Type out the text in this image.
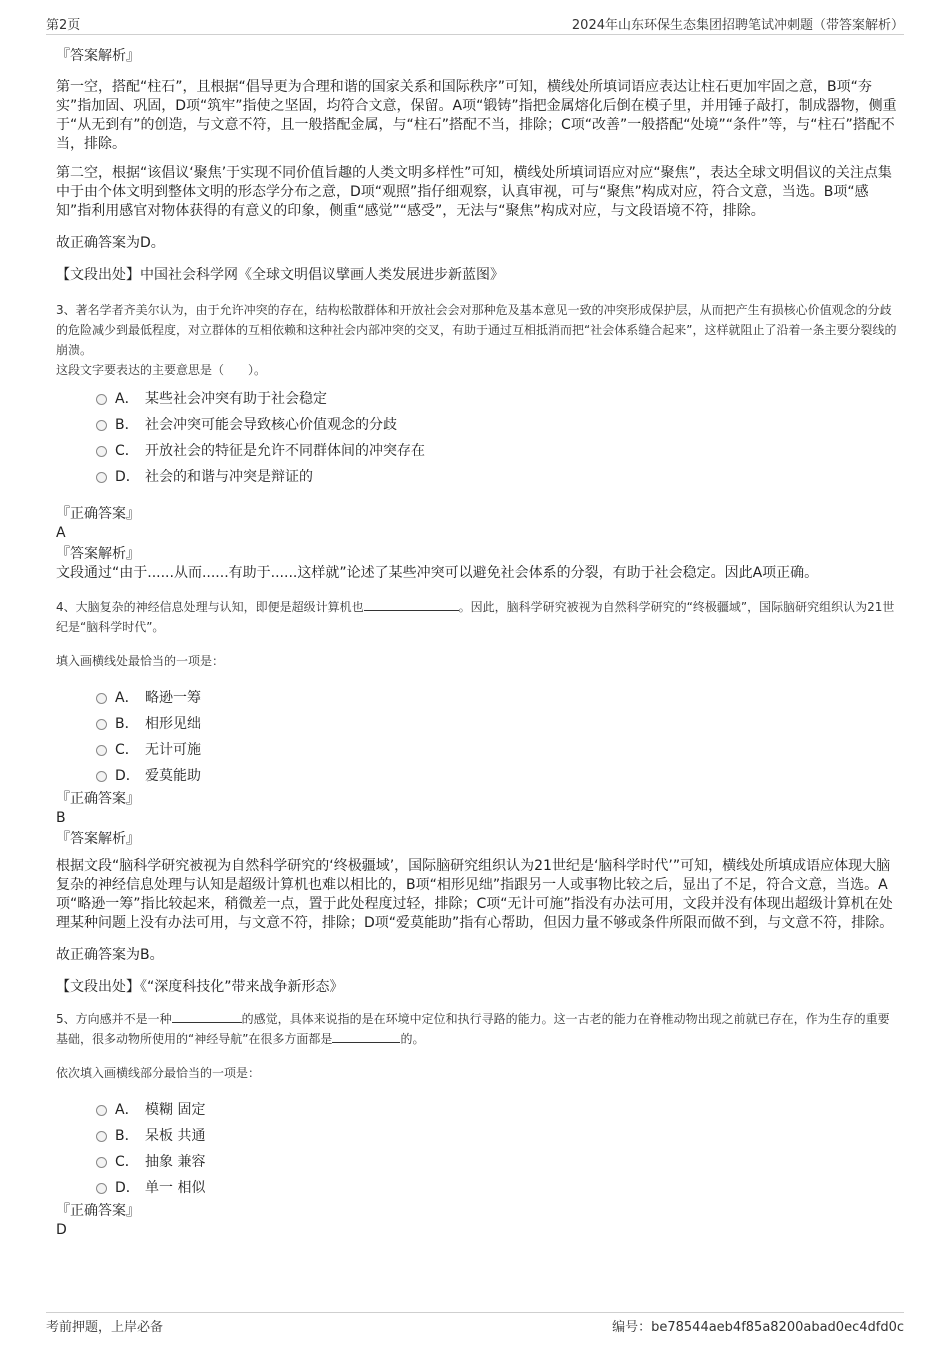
第2页	2024年山东环保生态集团招聘笔试冲刺题（带答案解析）

『答案解析』

第一空，搭配“柱石”，且根据“倡导更为合理和谐的国家关系和国际秩序”可知，横线处所填词语应表达让柱石更加牢固之意，B项“夯实”指加固、巩固，D项“筑牢”指使之坚固，均符合文意，保留。A项“锻铸”指把金属熔化后倒在模子里，并用锤子敲打，制成器物，侧重于“从无到有”的创造，与文意不符，且一般搭配金属，与“柱石”搭配不当，排除；C项“改善”一般搭配“处境”“条件”等，与“柱石”搭配不当，排除。

第二空，根据“该倡议‘聚焦’于实现不同价值旨趣的人类文明多样性”可知，横线处所填词语应对应“聚焦”，表达全球文明倡议的关注点集中于由个体文明到整体文明的形态学分布之意，D项“观照”指仔细观察，认真审视，可与“聚焦”构成对应，符合文意，当选。B项“感知”指利用感官对物体获得的有意义的印象，侧重“感觉”“感受”，无法与“聚焦”构成对应，与文段语境不符，排除。

故正确答案为D。

【文段出处】中国社会科学网《全球文明倡议擘画人类发展进步新蓝图》

3、著名学者齐美尔认为，由于允许冲突的存在，结构松散群体和开放社会会对那种危及基本意见一致的冲突形成保护层，从而把产生有损核心价值观念的分歧的危险减少到最低程度，对立群体的互相依赖和这种社会内部冲突的交叉，有助于通过互相抵消而把“社会体系缝合起来”，这样就阻止了沿着一条主要分裂线的崩溃。

这段文字要表达的主要意思是（　　）。

A． 某些社会冲突有助于社会稳定
B． 社会冲突可能会导致核心价值观念的分歧
C． 开放社会的特征是允许不同群体间的冲突存在
D． 社会的和谐与冲突是辩证的

『正确答案』

A

『答案解析』

文段通过“由于......从而......有助于......这样就”论述了某些冲突可以避免社会体系的分裂，有助于社会稳定。因此A项正确。

4、大脑复杂的神经信息处理与认知，即便是超级计算机也	。因此，脑科学研究被视为自然科学研究的“终极疆域”，国际脑研究组织认为21世纪是“脑科学时代”。

填入画横线处最恰当的一项是：

A． 略逊一筹
B． 相形见绌
C． 无计可施
D． 爱莫能助

『正确答案』

B

『答案解析』

根据文段“脑科学研究被视为自然科学研究的‘终极疆域’，国际脑研究组织认为21世纪是‘脑科学时代’”可知，横线处所填成语应体现大脑复杂的神经信息处理与认知是超级计算机也难以相比的，B项“相形见绌”指跟另一人或事物比较之后，显出了不足，符合文意，当选。A项“略逊一筹”指比较起来，稍微差一点，置于此处程度过轻，排除；C项“无计可施”指没有办法可用，文段并没有体现出超级计算机在处理某种问题上没有办法可用，与文意不符，排除；D项“爱莫能助”指有心帮助，但因力量不够或条件所限而做不到，与文意不符，排除。

故正确答案为B。

【文段出处】《“深度科技化”带来战争新形态》

5、方向感并不是一种	的感觉，具体来说指的是在环境中定位和执行寻路的能力。这一古老的能力在脊椎动物出现之前就已存在，作为生存的重要基础，很多动物所使用的“神经导航”在很多方面都是	的。

依次填入画横线部分最恰当的一项是：

A． 模糊 固定
B． 呆板 共通
C． 抽象 兼容
D． 单一 相似

『正确答案』

D

考前押题，上岸必备	编号：be78544aeb4f85a8200abad0ec4dfd0c
